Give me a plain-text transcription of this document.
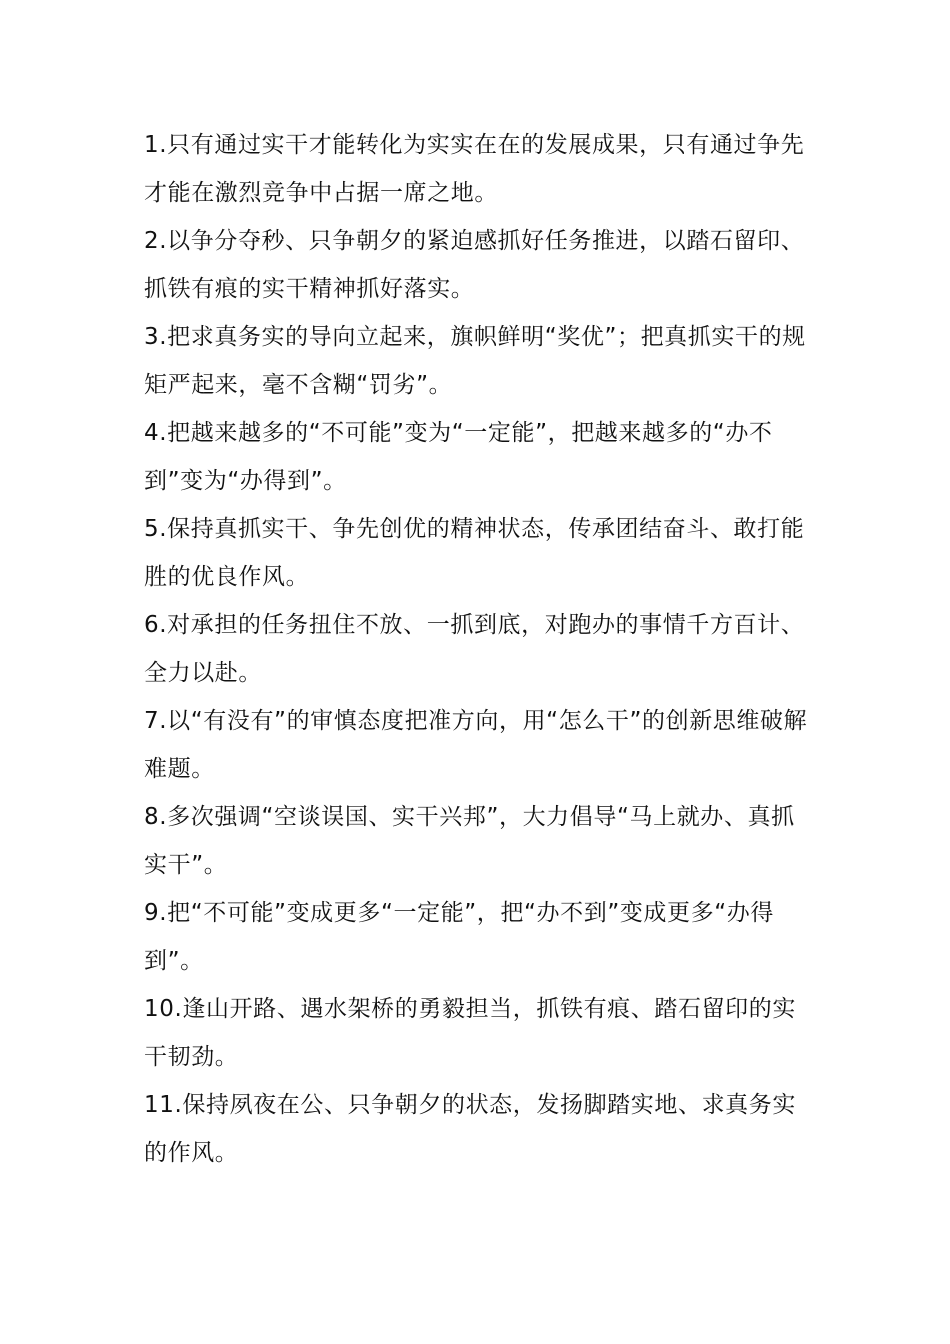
1.只有通过实干才能转化为实实在在的发展成果，只有通过争先才能在激烈竞争中占据一席之地。

2.以争分夺秒、只争朝夕的紧迫感抓好任务推进，以踏石留印、抓铁有痕的实干精神抓好落实。

3.把求真务实的导向立起来，旗帜鲜明“奖优”；把真抓实干的规矩严起来，毫不含糊“罚劣”。

4.把越来越多的“不可能”变为“一定能”，把越来越多的“办不到”变为“办得到”。

5.保持真抓实干、争先创优的精神状态，传承团结奋斗、敢打能胜的优良作风。

6.对承担的任务扭住不放、一抓到底，对跑办的事情千方百计、全力以赴。

7.以“有没有”的审慎态度把准方向，用“怎么干”的创新思维破解难题。

8.多次强调“空谈误国、实干兴邦”，大力倡导“马上就办、真抓实干”。

9.把“不可能”变成更多“一定能”，把“办不到”变成更多“办得到”。

10.逢山开路、遇水架桥的勇毅担当，抓铁有痕、踏石留印的实干韧劲。

11.保持夙夜在公、只争朝夕的状态，发扬脚踏实地、求真务实的作风。
